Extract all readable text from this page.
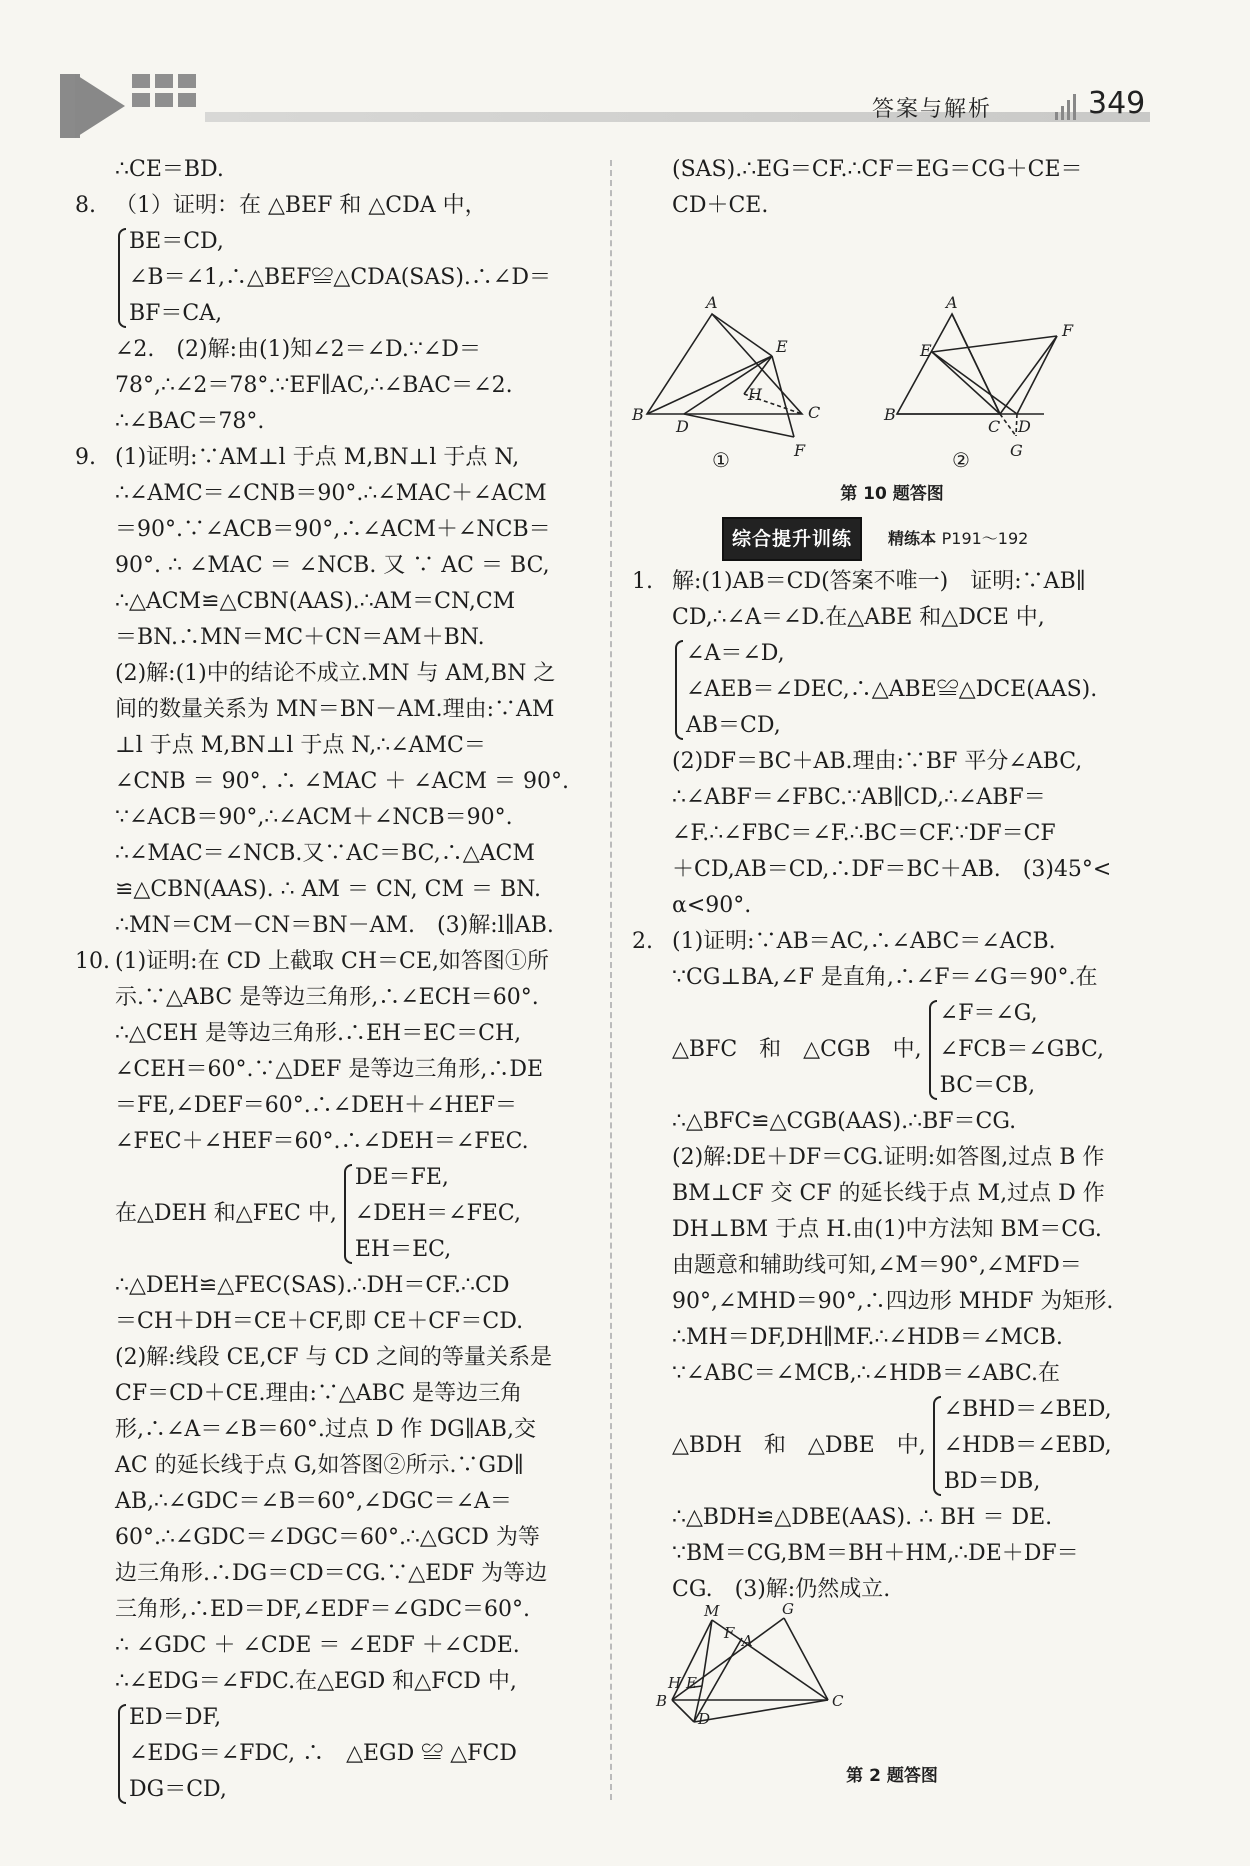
答案与解析	349
∴CE＝BD.
8. （1）证明：在 △BEF 和 △CDA 中，
BE＝CD,
∠B＝∠1,∴△BEF≌△CDA(SAS).∴∠D＝
BF＝CA,
∠2.　(2)解:由(1)知∠2＝∠D.∵∠D＝
78°,∴∠2＝78°.∵EF∥AC,∴∠BAC＝∠2.
∴∠BAC＝78°.
9. (1)证明:∵AM⊥l 于点 M,BN⊥l 于点 N,
∴∠AMC＝∠CNB＝90°.∴∠MAC＋∠ACM
＝90°.∵∠ACB＝90°,∴∠ACM＋∠NCB＝
90°. ∴ ∠MAC ＝ ∠NCB. 又 ∵ AC ＝ BC,
∴△ACM≌△CBN(AAS).∴AM＝CN,CM
＝BN.∴MN＝MC＋CN＝AM＋BN.
(2)解:(1)中的结论不成立.MN 与 AM,BN 之
间的数量关系为 MN＝BN－AM.理由:∵AM
⊥l 于点 M,BN⊥l 于点 N,∴∠AMC＝
∠CNB ＝ 90°. ∴ ∠MAC ＋ ∠ACM ＝ 90°.
∵∠ACB＝90°,∴∠ACM＋∠NCB＝90°.
∴∠MAC＝∠NCB.又∵AC＝BC,∴△ACM
≌△CBN(AAS). ∴ AM ＝ CN, CM ＝ BN.
∴MN＝CM－CN＝BN－AM.　(3)解:l∥AB.
10. (1)证明:在 CD 上截取 CH＝CE,如答图①所
示.∵△ABC 是等边三角形,∴∠ECH＝60°.
∴△CEH 是等边三角形.∴EH＝EC＝CH,
∠CEH＝60°.∵△DEF 是等边三角形,∴DE
＝FE,∠DEF＝60°.∴∠DEH＋∠HEF＝
∠FEC＋∠HEF＝60°.∴∠DEH＝∠FEC.
在△DEH 和△FEC 中,
DE＝FE,
∠DEH＝∠FEC,
EH＝EC,
∴△DEH≌△FEC(SAS).∴DH＝CF.∴CD
＝CH＋DH＝CE＋CF,即 CE＋CF＝CD.
(2)解:线段 CE,CF 与 CD 之间的等量关系是
CF＝CD＋CE.理由:∵△ABC 是等边三角
形,∴∠A＝∠B＝60°.过点 D 作 DG∥AB,交
AC 的延长线于点 G,如答图②所示.∵GD∥
AB,∴∠GDC＝∠B＝60°,∠DGC＝∠A＝
60°.∴∠GDC＝∠DGC＝60°.∴△GCD 为等
边三角形.∴DG＝CD＝CG.∵△EDF 为等边
三角形,∴ED＝DF,∠EDF＝∠GDC＝60°.
∴ ∠GDC ＋ ∠CDE ＝ ∠EDF ＋∠CDE.
∴∠EDG＝∠FDC.在△EGD 和△FCD 中,
ED＝DF,
∠EDG＝∠FDC, ∴　△EGD ≌ △FCD
DG＝CD,
(SAS).∴EG＝CF.∴CF＝EG＝CG＋CE＝
CD＋CE.
A
E
H
B
D
C
F
A
F
E
B
C D
G
①	②
第 10 题答图
综合提升训练	精练本 P191～192
1. 解:(1)AB＝CD(答案不唯一)　证明:∵AB∥
CD,∴∠A＝∠D.在△ABE 和△DCE 中,
∠A＝∠D,
∠AEB＝∠DEC,∴△ABE≌△DCE(AAS).
AB＝CD,
(2)DF＝BC＋AB.理由:∵BF 平分∠ABC,
∴∠ABF＝∠FBC.∵AB∥CD,∴∠ABF＝
∠F.∴∠FBC＝∠F.∴BC＝CF.∵DF＝CF
＋CD,AB＝CD,∴DF＝BC＋AB.　(3)45°<
α<90°.
2. (1)证明:∵AB＝AC,∴∠ABC＝∠ACB.
∵CG⊥BA,∠F 是直角,∴∠F＝∠G＝90°.在
△BFC　和　△CGB　中,
∠F＝∠G,
∠FCB＝∠GBC,
BC＝CB,
∴△BFC≌△CGB(AAS).∴BF＝CG.
(2)解:DE＋DF＝CG.证明:如答图,过点 B 作
BM⊥CF 交 CF 的延长线于点 M,过点 D 作
DH⊥BM 于点 H.由(1)中方法知 BM＝CG.
由题意和辅助线可知,∠M＝90°,∠MFD＝
90°,∠MHD＝90°,∴四边形 MHDF 为矩形.
∴MH＝DF,DH∥MF.∴∠HDB＝∠MCB.
∵∠ABC＝∠MCB,∴∠HDB＝∠ABC.在
△BDH　和　△DBE　中,
∠BHD＝∠BED,
∠HDB＝∠EBD,
BD＝DB,
∴△BDH≌△DBE(AAS). ∴ BH ＝ DE.
∵BM＝CG,BM＝BH＋HM,∴DE＋DF＝
CG.　(3)解:仍然成立.
M	G
F A
H E
B
D
C
第 2 题答图
